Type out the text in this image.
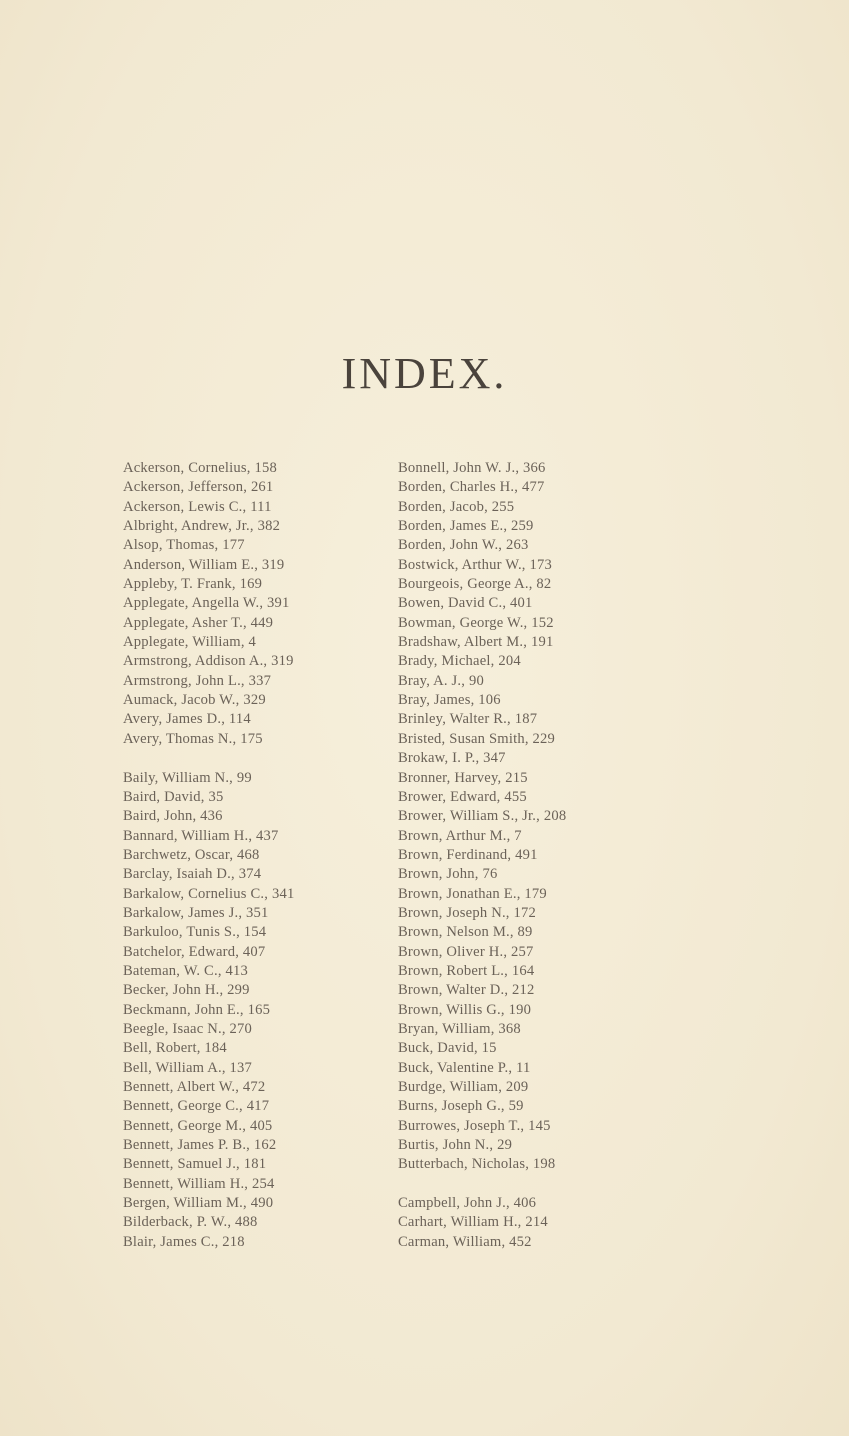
INDEX.
Ackerson, Cornelius, 158
Ackerson, Jefferson, 261
Ackerson, Lewis C., 111
Albright, Andrew, Jr., 382
Alsop, Thomas, 177
Anderson, William E., 319
Appleby, T. Frank, 169
Applegate, Angella W., 391
Applegate, Asher T., 449
Applegate, William, 4
Armstrong, Addison A., 319
Armstrong, John L., 337
Aumack, Jacob W., 329
Avery, James D., 114
Avery, Thomas N., 175
Baily, William N., 99
Baird, David, 35
Baird, John, 436
Bannard, William H., 437
Barchwetz, Oscar, 468
Barclay, Isaiah D., 374
Barkalow, Cornelius C., 341
Barkalow, James J., 351
Barkuloo, Tunis S., 154
Batchelor, Edward, 407
Bateman, W. C., 413
Becker, John H., 299
Beckmann, John E., 165
Beegle, Isaac N., 270
Bell, Robert, 184
Bell, William A., 137
Bennett, Albert W., 472
Bennett, George C., 417
Bennett, George M., 405
Bennett, James P. B., 162
Bennett, Samuel J., 181
Bennett, William H., 254
Bergen, William M., 490
Bilderback, P. W., 488
Blair, James C., 218
Bonnell, John W. J., 366
Borden, Charles H., 477
Borden, Jacob, 255
Borden, James E., 259
Borden, John W., 263
Bostwick, Arthur W., 173
Bourgeois, George A., 82
Bowen, David C., 401
Bowman, George W., 152
Bradshaw, Albert M., 191
Brady, Michael, 204
Bray, A. J., 90
Bray, James, 106
Brinley, Walter R., 187
Bristed, Susan Smith, 229
Brokaw, I. P., 347
Bronner, Harvey, 215
Brower, Edward, 455
Brower, William S., Jr., 208
Brown, Arthur M., 7
Brown, Ferdinand, 491
Brown, John, 76
Brown, Jonathan E., 179
Brown, Joseph N., 172
Brown, Nelson M., 89
Brown, Oliver H., 257
Brown, Robert L., 164
Brown, Walter D., 212
Brown, Willis G., 190
Bryan, William, 368
Buck, David, 15
Buck, Valentine P., 11
Burdge, William, 209
Burns, Joseph G., 59
Burrowes, Joseph T., 145
Burtis, John N., 29
Butterbach, Nicholas, 198
Campbell, John J., 406
Carhart, William H., 214
Carman, William, 452
